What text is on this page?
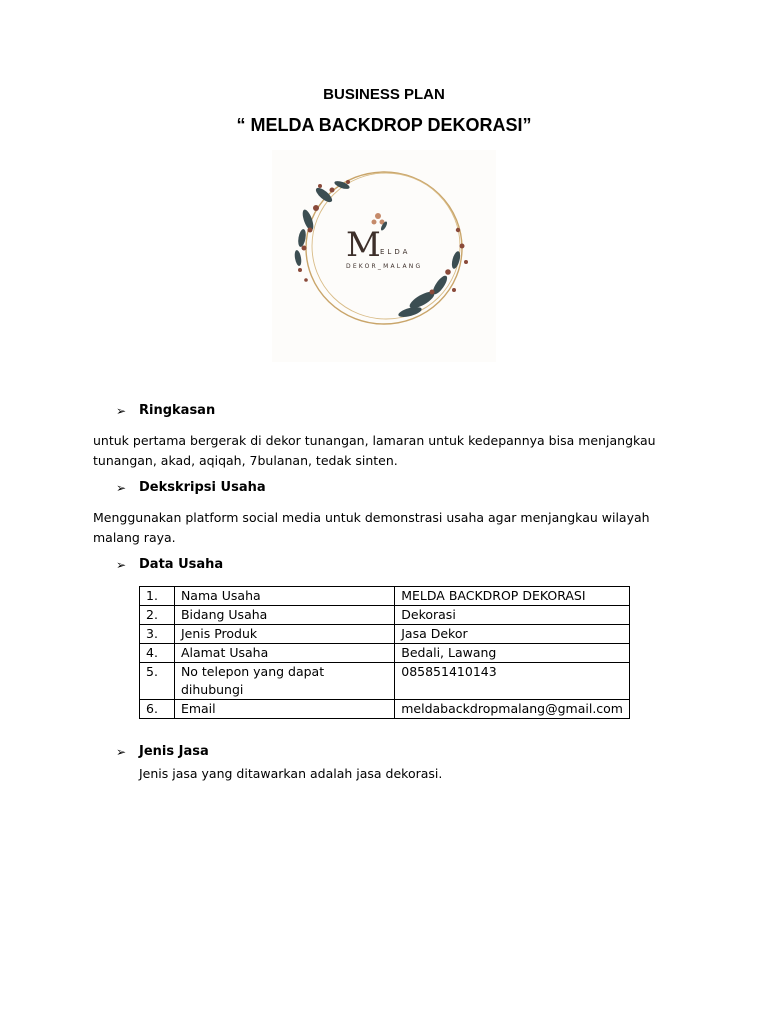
BUSINESS PLAN
“ MELDA BACKDROP DEKORASI”
M ELDA
DEKOR_MALANG
➢ Ringkasan
untuk pertama bergerak di dekor tunangan, lamaran untuk kedepannya bisa menjangkau
tunangan, akad, aqiqah, 7bulanan, tedak sinten.
➢ Dekskripsi Usaha
Menggunakan platform social media untuk demonstrasi usaha agar menjangkau wilayah
malang raya.
➢ Data Usaha
1.	Nama Usaha	MELDA BACKDROP DEKORASI
2.	Bidang Usaha	Dekorasi
3.	Jenis Produk	Jasa Dekor
4.	Alamat Usaha	Bedali, Lawang
5.	No telepon yang dapat dihubungi	085851410143
6.	Email	meldabackdropmalang@gmail.com
➢ Jenis Jasa
Jenis jasa yang ditawarkan adalah jasa dekorasi.
